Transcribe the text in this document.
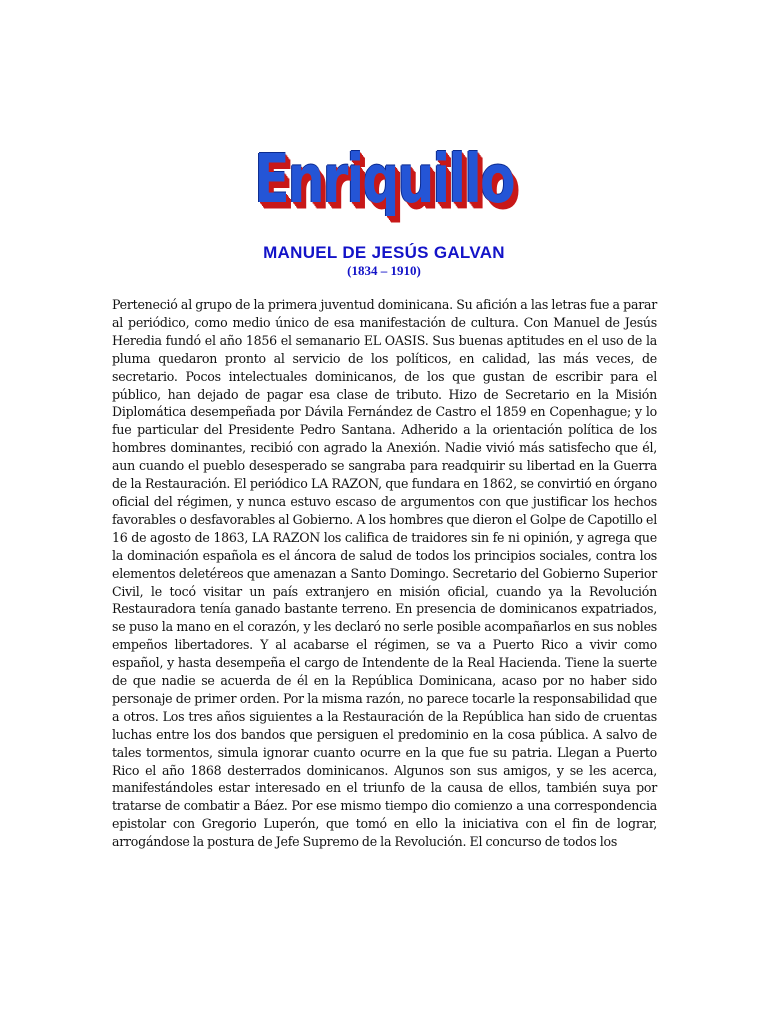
Enriquillo
MANUEL DE JESÚS GALVAN
(1834 – 1910)

Perteneció al grupo de la primera juventud dominicana. Su afición a las letras fue a parar al periódico, como medio único de esa manifestación de cultura. Con Manuel de Jesús Heredia fundó el año 1856 el semanario EL OASIS. Sus buenas aptitudes en el uso de la pluma quedaron pronto al servicio de los políticos, en calidad, las más veces, de secretario. Pocos intelectuales dominicanos, de los que gustan de escribir para el público, han dejado de pagar esa clase de tributo. Hizo de Secretario en la Misión Diplomática desempeñada por Dávila Fernández de Castro el 1859 en Copenhague; y lo fue particular del Presidente Pedro Santana. Adherido a la orientación política de los hombres dominantes, recibió con agrado la Anexión. Nadie vivió más satisfecho que él, aun cuando el pueblo desesperado se sangraba para readquirir su libertad en la Guerra de la Restauración. El periódico LA RAZON, que fundara en 1862, se convirtió en órgano oficial del régimen, y nunca estuvo escaso de argumentos con que justificar los hechos favorables o desfavorables al Gobierno. A los hombres que dieron el Golpe de Capotillo el 16 de agosto de 1863, LA RAZON los califica de traidores sin fe ni opinión, y agrega que la dominación española es el áncora de salud de todos los principios sociales, contra los elementos deletéreos que amenazan a Santo Domingo. Secretario del Gobierno Superior Civil, le tocó visitar un país extranjero en misión oficial, cuando ya la Revolución Restauradora tenía ganado bastante terreno. En presencia de dominicanos expatriados, se puso la mano en el corazón, y les declaró no serle posible acompañarlos en sus nobles empeños libertadores. Y al acabarse el régimen, se va a Puerto Rico a vivir como español, y hasta desempeña el cargo de Intendente de la Real Hacienda. Tiene la suerte de que nadie se acuerda de él en la República Dominicana, acaso por no haber sido personaje de primer orden. Por la misma razón, no parece tocarle la responsabilidad que a otros. Los tres años siguientes a la Restauración de la República han sido de cruentas luchas entre los dos bandos que persiguen el predominio en la cosa pública. A salvo de tales tormentos, simula ignorar cuanto ocurre en la que fue su patria. Llegan a Puerto Rico el año 1868 desterrados dominicanos. Algunos son sus amigos, y se les acerca, manifestándoles estar interesado en el triunfo de la causa de ellos, también suya por tratarse de combatir a Báez. Por ese mismo tiempo dio comienzo a una correspondencia epistolar con Gregorio Luperón, que tomó en ello la iniciativa con el fin de lograr, arrogándose la postura de Jefe Supremo de la Revolución. El concurso de todos los
